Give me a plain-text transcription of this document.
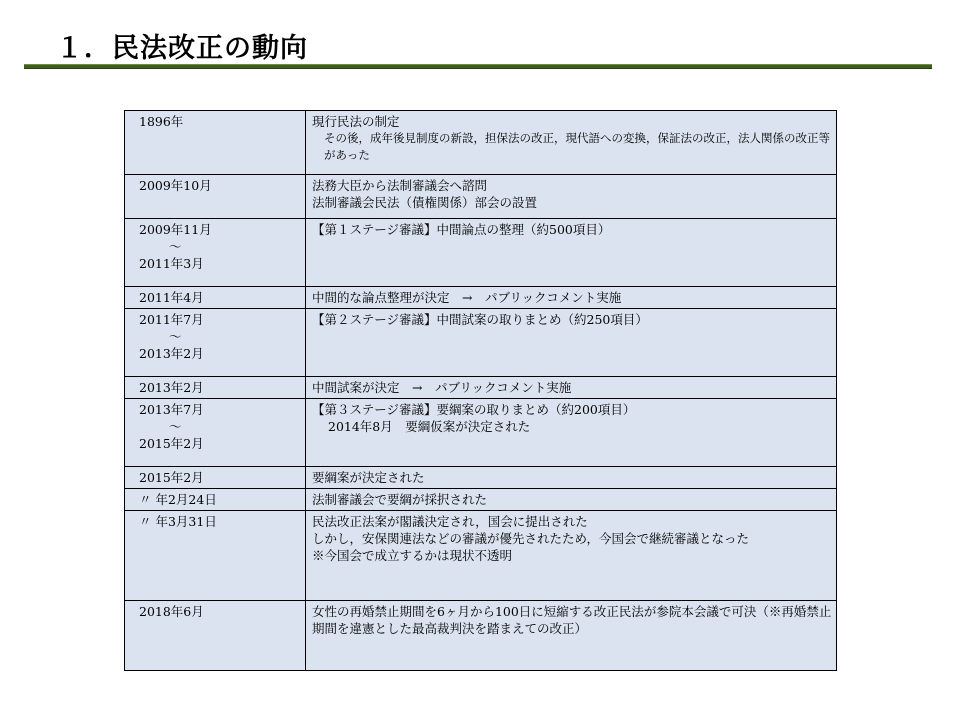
１．民法改正の動向
1896年	現行民法の制定
その後，成年後見制度の新設，担保法の改正，現代語への変換，保証法の改正，法人関係の改正等があった

2009年10月	法務大臣から法制審議会へ諮問
法制審議会民法（債権関係）部会の設置

2009年11月
～
2011年3月	【第１ステージ審議】中間論点の整理（約500項目）

2011年4月	中間的な論点整理が決定　→　パブリックコメント実施

2011年7月
～
2013年2月	【第２ステージ審議】中間試案の取りまとめ（約250項目）

2013年2月	中間試案が決定　→　パブリックコメント実施

2013年7月
～
2015年2月	【第３ステージ審議】要綱案の取りまとめ（約200項目）
2014年8月　要綱仮案が決定された

2015年2月	要綱案が決定された

〃 年2月24日	法制審議会で要綱が採択された

〃 年3月31日	民法改正法案が閣議決定され，国会に提出された
しかし，安保関連法などの審議が優先されたため，今国会で継続審議となった
※今国会で成立するかは現状不透明

2018年6月	女性の再婚禁止期間を6ヶ月から100日に短縮する改正民法が参院本会議で可決（※再婚禁止期間を違憲とした最高裁判決を踏まえての改正）
